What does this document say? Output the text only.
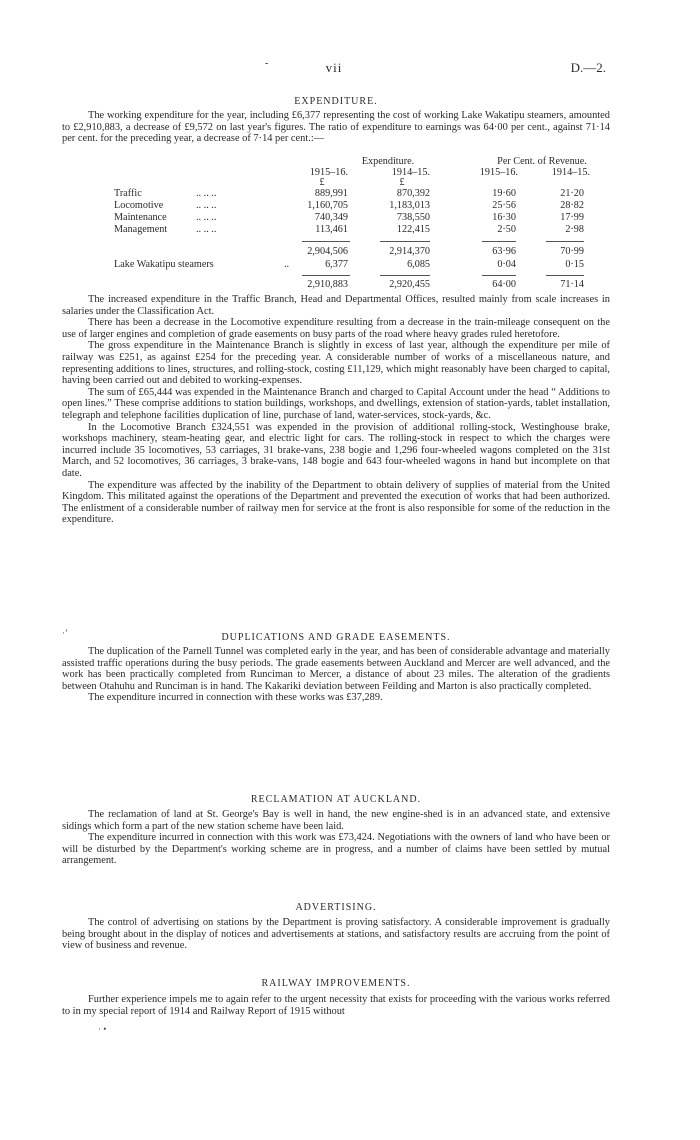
-	vii	D.—2.
EXPENDITURE.

The working expenditure for the year, including £6,377 representing the cost of working Lake Wakatipu steamers, amounted to £2,910,883, a decrease of £9,572 on last year's figures. The ratio of expenditure to earnings was 64·00 per cent., against 71·14 per cent. for the preceding year, a decrease of 7·14 per cent.:—

Expenditure.	Per Cent. of Revenue.
1915–16.	1914–15.	1915–16.	1914–15.
£	£
Traffic	.. .. ..	889,991	870,392	19·60	21·20
Locomotive	.. .. ..	1,160,705	1,183,013	25·56	28·82
Maintenance	.. .. ..	740,349	738,550	16·30	17·99
Management	.. .. ..	113,461	122,415	2·50	2·98
2,904,506	2,914,370	63·96	70·99
Lake Wakatipu steamers	..	6,377	6,085	0·04	0·15
2,910,883	2,920,455	64·00	71·14

The increased expenditure in the Traffic Branch, Head and Departmental Offices, resulted mainly from scale increases in salaries under the Classification Act.

There has been a decrease in the Locomotive expenditure resulting from a decrease in the train-mileage consequent on the use of larger engines and completion of grade easements on busy parts of the road where heavy grades ruled heretofore.

The gross expenditure in the Maintenance Branch is slightly in excess of last year, although the expenditure per mile of railway was £251, as against £254 for the preceding year. A considerable number of works of a miscellaneous nature, and representing additions to lines, structures, and rolling-stock, costing £11,129, which might reasonably have been charged to capital, having been carried out and debited to working-expenses.

The sum of £65,444 was expended in the Maintenance Branch and charged to Capital Account under the head “ Additions to open lines.” These comprise additions to station buildings, workshops, and dwellings, extension of station-yards, tablet installation, telegraph and telephone facilities duplication of line, purchase of land, water-services, stock-yards, &c.

In the Locomotive Branch £324,551 was expended in the provision of additional rolling-stock, Westinghouse brake, workshops machinery, steam-heating gear, and electric light for cars. The rolling-stock in respect to which the charges were incurred include 35 locomotives, 53 carriages, 31 brake-vans, 238 bogie and 1,296 four-wheeled wagons completed on the 31st March, and 52 locomotives, 36 carriages, 3 brake-vans, 148 bogie and 643 four-wheeled wagons in hand but incomplete on that date.

The expenditure was affected by the inability of the Department to obtain delivery of supplies of material from the United Kingdom. This militated against the operations of the Department and prevented the execution of works that had been authorized. The enlistment of a considerable number of railway men for service at the front is also responsible for some of the reduction in the expenditure.

·ʼ	DUPLICATIONS AND GRADE EASEMENTS.

The duplication of the Parnell Tunnel was completed early in the year, and has been of considerable advantage and materially assisted traffic operations during the busy periods. The grade easements between Auckland and Mercer are well advanced, and the work has been practically completed from Runciman to Mercer, a distance of about 23 miles. The alteration of the gradients between Otahuhu and Runciman is in hand. The Kakariki deviation between Feilding and Marton is also practically completed.

The expenditure incurred in connection with these works was £37,289.

RECLAMATION AT AUCKLAND.

The reclamation of land at St. George's Bay is well in hand, the new engine-shed is in an advanced state, and extensive sidings which form a part of the new station scheme have been laid.

The expenditure incurred in connection with this work was £73,424. Negotiations with the owners of land who have been or will be disturbed by the Department's working scheme are in progress, and a number of claims have been settled by mutual arrangement.

ADVERTISING.

The control of advertising on stations by the Department is proving satisfactory. A considerable improvement is gradually being brought about in the display of notices and advertisements at stations, and satisfactory results are accruing from the point of view of business and revenue.

RAILWAY IMPROVEMENTS.

Further experience impels me to again refer to the urgent necessity that exists for proceeding with the various works referred to in my special report of 1914 and Railway Report of 1915 without

· •
